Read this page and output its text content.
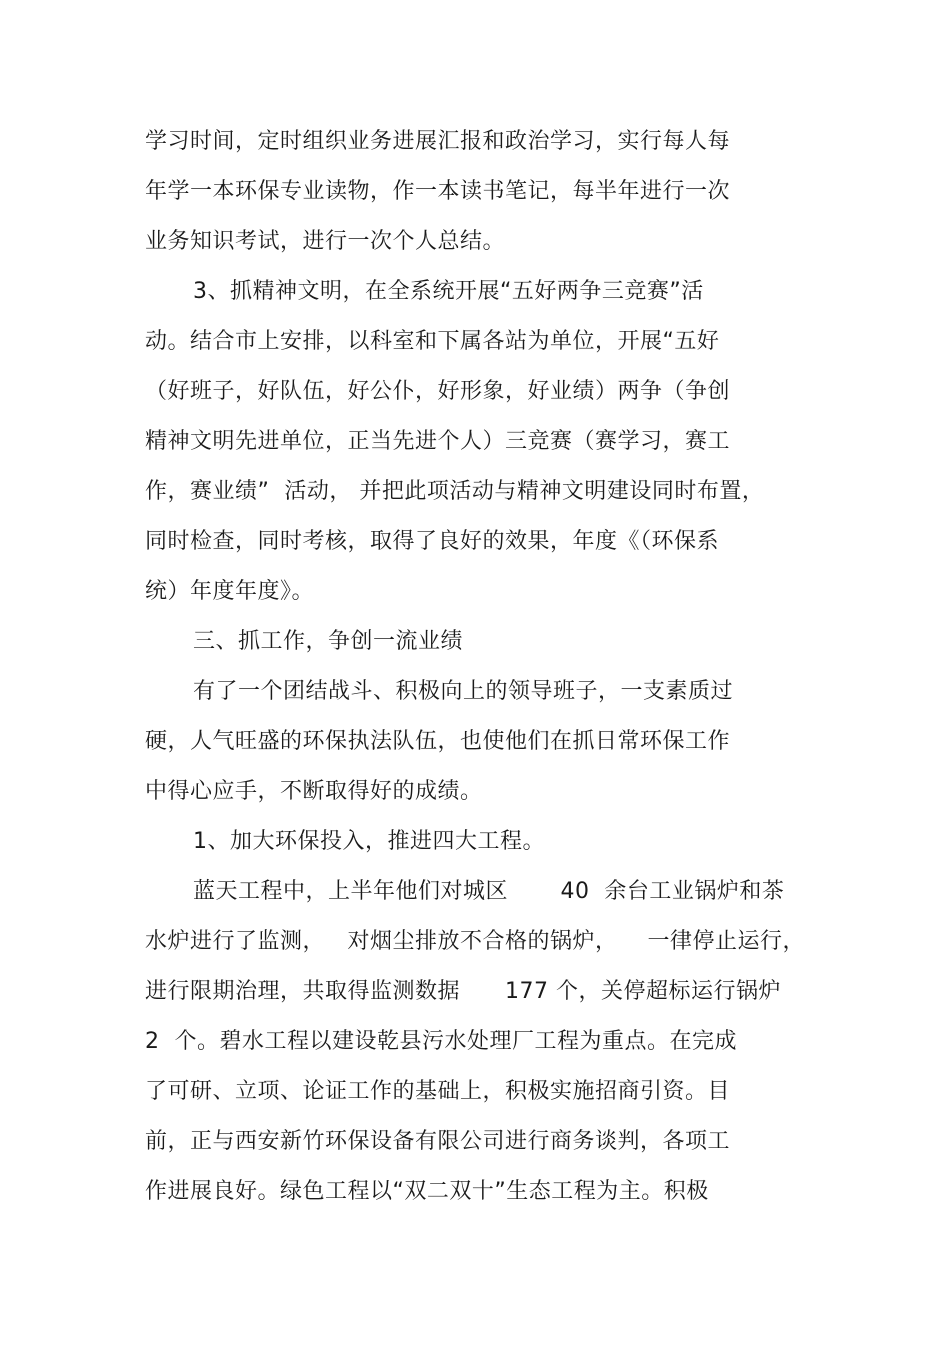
学习时间，定时组织业务进展汇报和政治学习，实行每人每
年学一本环保专业读物，作一本读书笔记，每半年进行一次
业务知识考试，进行一次个人总结。
3、抓精神文明，在全系统开展“五好两争三竞赛”活
动。结合市上安排，以科室和下属各站为单位，开展“五好
（好班子，好队伍，好公仆，好形象，好业绩）两争（争创
精神文明先进单位，正当先进个人）三竞赛（赛学习，赛工
作，赛业绩”  活动， 并把此项活动与精神文明建设同时布置，
同时检查，同时考核，取得了良好的效果，年度《（环保系
统）年度年度》。
三、抓工作，争创一流业绩
有了一个团结战斗、积极向上的领导班子，一支素质过
硬，人气旺盛的环保执法队伍，也使他们在抓日常环保工作
中得心应手，不断取得好的成绩。
1、加大环保投入，推进四大工程。
蓝天工程中，上半年他们对城区       40  余台工业锅炉和茶
水炉进行了监测，   对烟尘排放不合格的锅炉，    一律停止运行，
进行限期治理，共取得监测数据      177 个，关停超标运行锅炉
2  个。碧水工程以建设乾县污水处理厂工程为重点。在完成
了可研、立项、论证工作的基础上，积极实施招商引资。目
前，正与西安新竹环保设备有限公司进行商务谈判，各项工
作进展良好。绿色工程以“双二双十”生态工程为主。积极
